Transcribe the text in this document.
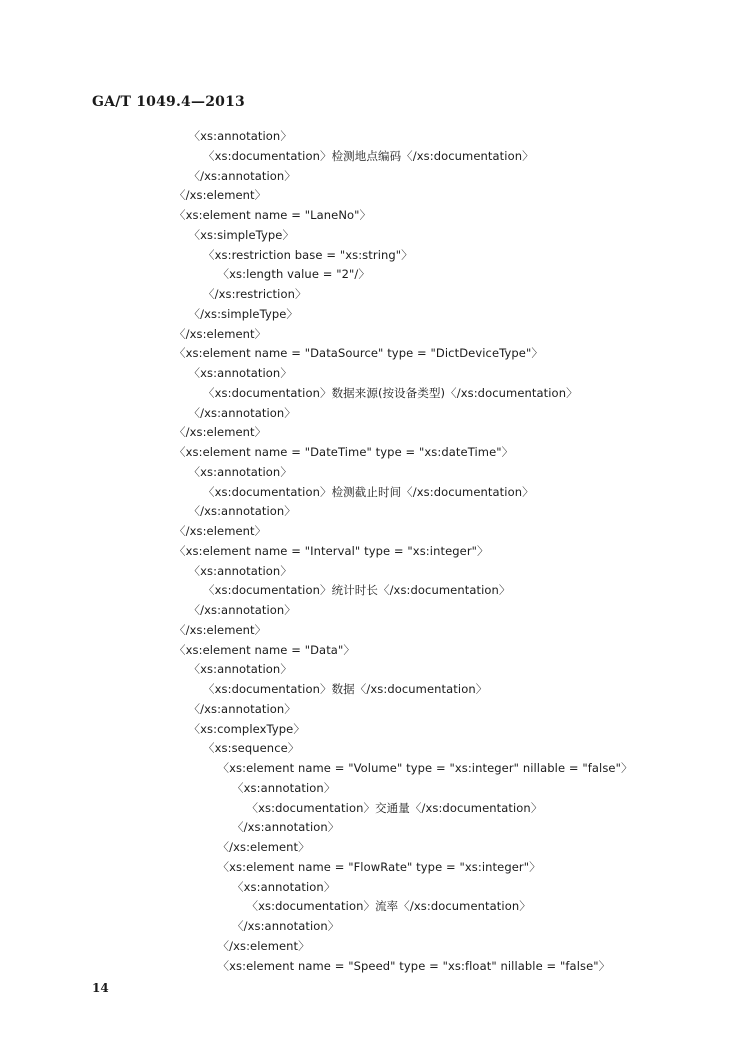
GA/T 1049.4—2013
〈xs:annotation〉
〈xs:documentation〉检测地点编码〈/xs:documentation〉
〈/xs:annotation〉
〈/xs:element〉
〈xs:element name = "LaneNo"〉
〈xs:simpleType〉
〈xs:restriction base = "xs:string"〉
〈xs:length value = "2"/〉
〈/xs:restriction〉
〈/xs:simpleType〉
〈/xs:element〉
〈xs:element name = "DataSource" type = "DictDeviceType"〉
〈xs:annotation〉
〈xs:documentation〉数据来源(按设备类型)〈/xs:documentation〉
〈/xs:annotation〉
〈/xs:element〉
〈xs:element name = "DateTime" type = "xs:dateTime"〉
〈xs:annotation〉
〈xs:documentation〉检测截止时间〈/xs:documentation〉
〈/xs:annotation〉
〈/xs:element〉
〈xs:element name = "Interval" type = "xs:integer"〉
〈xs:annotation〉
〈xs:documentation〉统计时长〈/xs:documentation〉
〈/xs:annotation〉
〈/xs:element〉
〈xs:element name = "Data"〉
〈xs:annotation〉
〈xs:documentation〉数据〈/xs:documentation〉
〈/xs:annotation〉
〈xs:complexType〉
〈xs:sequence〉
〈xs:element name = "Volume" type = "xs:integer" nillable = "false"〉
〈xs:annotation〉
〈xs:documentation〉交通量〈/xs:documentation〉
〈/xs:annotation〉
〈/xs:element〉
〈xs:element name = "FlowRate" type = "xs:integer"〉
〈xs:annotation〉
〈xs:documentation〉流率〈/xs:documentation〉
〈/xs:annotation〉
〈/xs:element〉
〈xs:element name = "Speed" type = "xs:float" nillable = "false"〉
14
